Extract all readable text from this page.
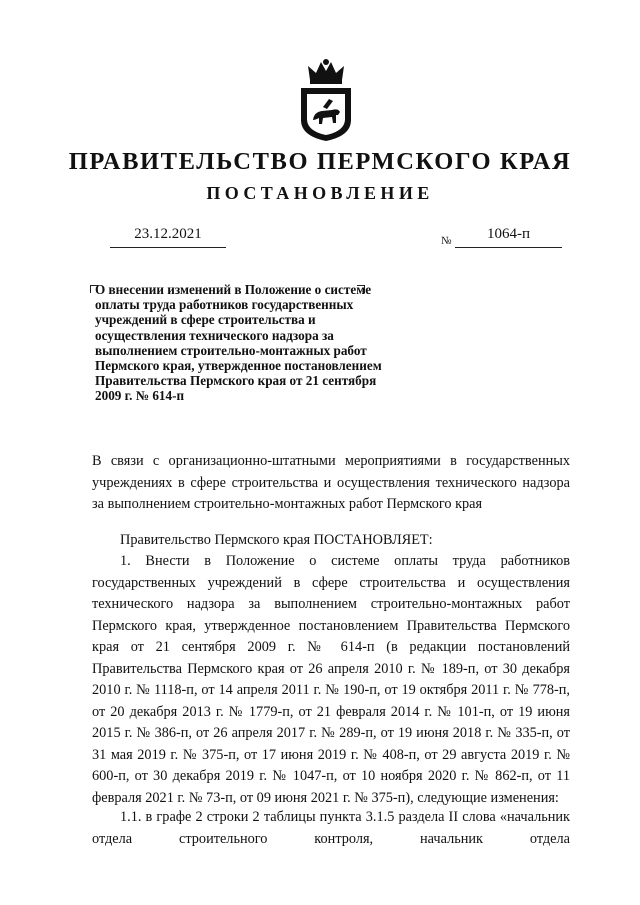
ПРАВИТЕЛЬСТВО ПЕРМСКОГО КРАЯ
ПОСТАНОВЛЕНИЕ
23.12.2021	№	1064-п
О внесении изменений в Положение о системе оплаты труда работников государственных учреждений в сфере строительства и осуществления технического надзора за выполнением строительно-монтажных работ Пермского края, утвержденное постановлением Правительства Пермского края от 21 сентября 2009 г. № 614-п

В связи с организационно-штатными мероприятиями в государственных учреждениях в сфере строительства и осуществления технического надзора за выполнением строительно-монтажных работ Пермского края

Правительство Пермского края ПОСТАНОВЛЯЕТ:

1. Внести в Положение о системе оплаты труда работников государственных учреждений в сфере строительства и осуществления технического надзора за выполнением строительно-монтажных работ Пермского края, утвержденное постановлением Правительства Пермского края от 21 сентября 2009 г. № 614-п (в редакции постановлений Правительства Пермского края от 26 апреля 2010 г. № 189-п, от 30 декабря 2010 г. № 1118-п, от 14 апреля 2011 г. № 190-п, от 19 октября 2011 г. № 778-п, от 20 декабря 2013 г. № 1779-п, от 21 февраля 2014 г. № 101-п, от 19 июня 2015 г. № 386-п, от 26 апреля 2017 г. № 289-п, от 19 июня 2018 г. № 335-п, от 31 мая 2019 г. № 375-п, от 17 июня 2019 г. № 408-п, от 29 августа 2019 г. № 600-п, от 30 декабря 2019 г. № 1047-п, от 10 ноября 2020 г. № 862-п, от 11 февраля 2021 г. № 73-п, от 09 июня 2021 г. № 375-п), следующие изменения:

1.1. в графе 2 строки 2 таблицы пункта 3.1.5 раздела II слова «начальник отдела строительного контроля, начальник отдела
